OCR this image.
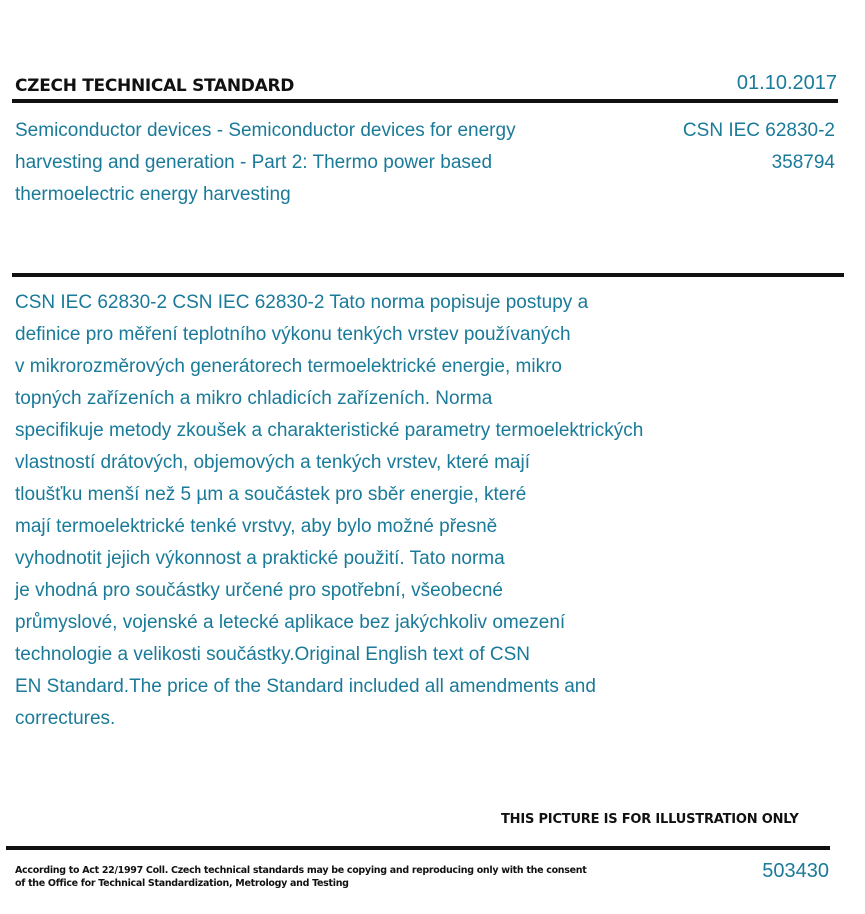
CZECH TECHNICAL STANDARD	01.10.2017
Semiconductor devices - Semiconductor devices for energy harvesting and generation - Part 2: Thermo power based thermoelectric energy harvesting
CSN IEC 62830-2
358794
CSN IEC 62830-2 CSN IEC 62830-2 Tato norma popisuje postupy a
definice pro měření teplotního výkonu tenkých vrstev používaných
v mikrorozměrových generátorech termoelektrické energie, mikro
topných zařízeních a mikro chladicích zařízeních. Norma
specifikuje metody zkoušek a charakteristické parametry termoelektrických
vlastností drátových, objemových a tenkých vrstev, které mají
tloušťku menší než 5 µm a součástek pro sběr energie, které
mají termoelektrické tenké vrstvy, aby bylo možné přesně
vyhodnotit jejich výkonnost a praktické použití. Tato norma
je vhodná pro součástky určené pro spotřební, všeobecné
průmyslové, vojenské a letecké aplikace bez jakýchkoliv omezení
technologie a velikosti součástky.Original English text of CSN
EN Standard.The price of the Standard included all amendments and
correctures.
THIS PICTURE IS FOR ILLUSTRATION ONLY
According to Act 22/1997 Coll. Czech technical standards may be copying and reproducing only with the consent of the Office for Technical Standardization, Metrology and Testing
503430
